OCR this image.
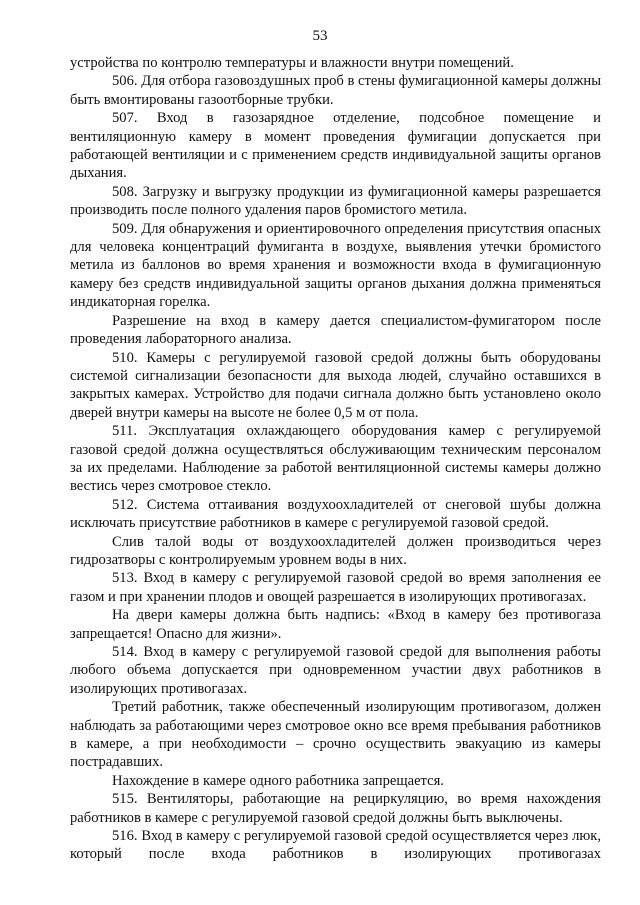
53

устройства по контролю температуры и влажности внутри помещений.

506. Для отбора газовоздушных проб в стены фумигационной камеры должны быть вмонтированы газоотборные трубки.

507. Вход в газозарядное отделение, подсобное помещение и вентиляционную камеру в момент проведения фумигации допускается при работающей вентиляции и с применением средств индивидуальной защиты органов дыхания.

508. Загрузку и выгрузку продукции из фумигационной камеры разрешается производить после полного удаления паров бромистого метила.

509. Для обнаружения и ориентировочного определения присутствия опасных для человека концентраций фумиганта в воздухе, выявления утечки бромистого метила из баллонов во время хранения и возможности входа в фумигационную камеру без средств индивидуальной защиты органов дыхания должна применяться индикаторная горелка.

Разрешение на вход в камеру дается специалистом-фумигатором после проведения лабораторного анализа.

510. Камеры с регулируемой газовой средой должны быть оборудованы системой сигнализации безопасности для выхода людей, случайно оставшихся в закрытых камерах. Устройство для подачи сигнала должно быть установлено около дверей внутри камеры на высоте не более 0,5 м от пола.

511. Эксплуатация охлаждающего оборудования камер с регулируемой газовой средой должна осуществляться обслуживающим техническим персоналом за их пределами. Наблюдение за работой вентиляционной системы камеры должно вестись через смотровое стекло.

512. Система оттаивания воздухоохладителей от снеговой шубы должна исключать присутствие работников в камере с регулируемой газовой средой.

Слив талой воды от воздухоохладителей должен производиться через гидрозатворы с контролируемым уровнем воды в них.

513. Вход в камеру с регулируемой газовой средой во время заполнения ее газом и при хранении плодов и овощей разрешается в изолирующих противогазах.

На двери камеры должна быть надпись: «Вход в камеру без противогаза запрещается! Опасно для жизни».

514. Вход в камеру с регулируемой газовой средой для выполнения работы любого объема допускается при одновременном участии двух работников в изолирующих противогазах.

Третий работник, также обеспеченный изолирующим противогазом, должен наблюдать за работающими через смотровое окно все время пребывания работников в камере, а при необходимости – срочно осуществить эвакуацию из камеры пострадавших.

Нахождение в камере одного работника запрещается.

515. Вентиляторы, работающие на рециркуляцию, во время нахождения работников в камере с регулируемой газовой средой должны быть выключены.

516. Вход в камеру с регулируемой газовой средой осуществляется через люк, который после входа работников в изолирующих противогазах
